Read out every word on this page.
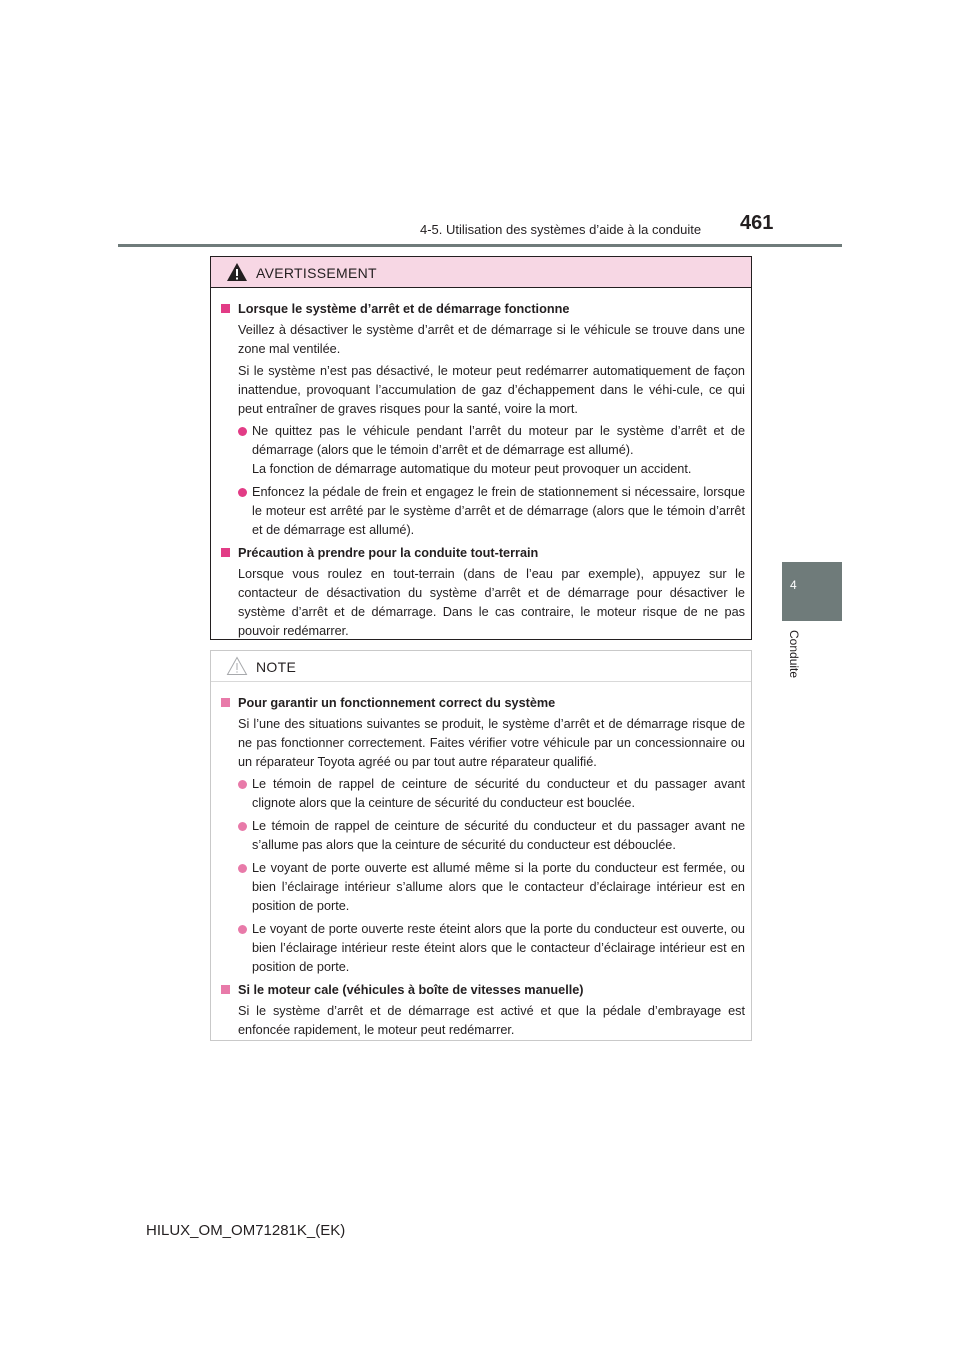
4-5. Utilisation des systèmes d’aide à la conduite 461
4
Conduite
AVERTISSEMENT
Lorsque le système d’arrêt et de démarrage fonctionne
Veillez à désactiver le système d’arrêt et de démarrage si le véhicule se trouve dans une zone mal ventilée.
Si le système n’est pas désactivé, le moteur peut redémarrer automatiquement de façon inattendue, provoquant l’accumulation de gaz d’échappement dans le véhi-cule, ce qui peut entraîner de graves risques pour la santé, voire la mort.
Ne quittez pas le véhicule pendant l’arrêt du moteur par le système d’arrêt et de démarrage (alors que le témoin d’arrêt et de démarrage est allumé).
La fonction de démarrage automatique du moteur peut provoquer un accident.
Enfoncez la pédale de frein et engagez le frein de stationnement si nécessaire, lorsque le moteur est arrêté par le système d’arrêt et de démarrage (alors que le témoin d’arrêt et de démarrage est allumé).
Précaution à prendre pour la conduite tout-terrain
Lorsque vous roulez en tout-terrain (dans de l’eau par exemple), appuyez sur le contacteur de désactivation du système d’arrêt et de démarrage pour désactiver le système d’arrêt et de démarrage. Dans le cas contraire, le moteur risque de ne pas pouvoir redémarrer.
NOTE
Pour garantir un fonctionnement correct du système
Si l’une des situations suivantes se produit, le système d’arrêt et de démarrage risque de ne pas fonctionner correctement. Faites vérifier votre véhicule par un concessionnaire ou un réparateur Toyota agréé ou par tout autre réparateur qualifié.
Le témoin de rappel de ceinture de sécurité du conducteur et du passager avant clignote alors que la ceinture de sécurité du conducteur est bouclée.
Le témoin de rappel de ceinture de sécurité du conducteur et du passager avant ne s’allume pas alors que la ceinture de sécurité du conducteur est débouclée.
Le voyant de porte ouverte est allumé même si la porte du conducteur est fermée, ou bien l’éclairage intérieur s’allume alors que le contacteur d’éclairage intérieur est en position de porte.
Le voyant de porte ouverte reste éteint alors que la porte du conducteur est ouverte, ou bien l’éclairage intérieur reste éteint alors que le contacteur d’éclairage intérieur est en position de porte.
Si le moteur cale (véhicules à boîte de vitesses manuelle)
Si le système d’arrêt et de démarrage est activé et que la pédale d’embrayage est enfoncée rapidement, le moteur peut redémarrer.
HILUX_OM_OM71281K_(EK)
